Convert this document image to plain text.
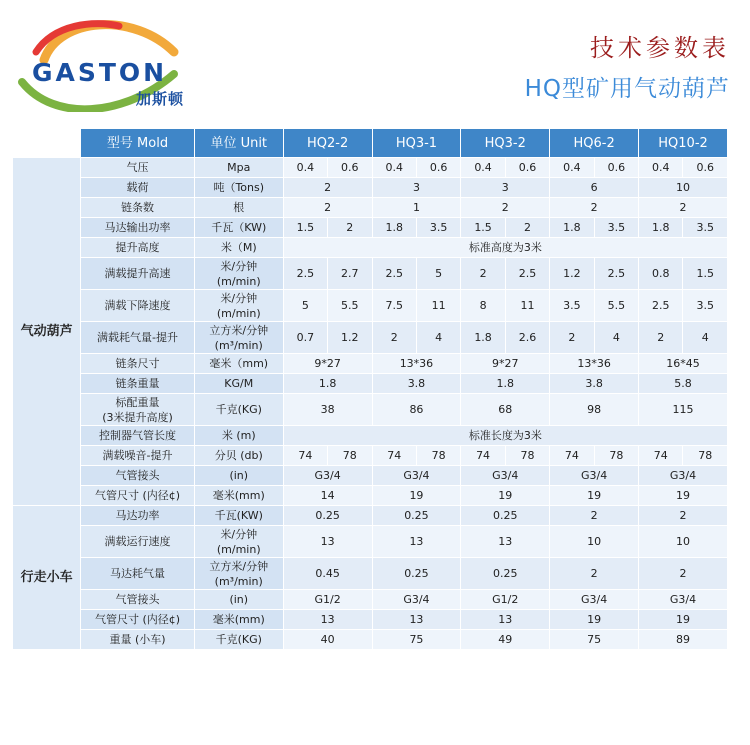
GASTON
加斯顿
技术参数表
HQ型矿用气动葫芦
	型号 Mold	单位 Unit	HQ2-2		HQ3-1		HQ3-2		HQ6-2		HQ10-2	
气动葫芦	气压	Mpa	0.4	0.6	0.4	0.6	0.4	0.6	0.4	0.6	0.4	0.6

	载荷	吨（Tons)	2		3		3		6		10	

	链条数	根	2		1		2		2		2	

	马达输出功率	千瓦（KW)	1.5	2	1.8	3.5	1.5	2	1.8	3.5	1.8	3.5

	提升高度	米（M)	标准高度为3米									

	满载提升高速	米/分钟
(m/min)	2.5	2.7	2.5	5	2	2.5	1.2	2.5	0.8	1.5

	满载下降速度	米/分钟
(m/min)	5	5.5	7.5	11	8	11	3.5	5.5	2.5	3.5

	满载耗气量-提升	立方米/分钟
(m³/min)	0.7	1.2	2	4	1.8	2.6	2	4	2	4

	链条尺寸	毫米（mm)	9*27		13*36		9*27		13*36		16*45	

	链条重量	KG/M	1.8		3.8		1.8		3.8		5.8	

	标配重量
(3米提升高度)	千克(KG)	38		86		68		98		115	

	控制器气管长度	米 (m)	标准长度为3米									

	满载噪音-提升	分贝 (db)	74	78	74	78	74	78	74	78	74	78

	气管接头	(in)	G3/4		G3/4		G3/4		G3/4		G3/4	

	气管尺寸 (内径¢)	毫米(mm)	14		19		19		19		19	
行走小车	马达功率	千瓦(KW)	0.25		0.25		0.25		2		2	

	满载运行速度	米/分钟
(m/min)	13		13		13		10		10	

	马达耗气量	立方米/分钟
(m³/min)	0.45		0.25		0.25		2		2	

	气管接头	(in)	G1/2		G3/4		G1/2		G3/4		G3/4	

	气管尺寸 (内径¢)	毫米(mm)	13		13		13		19		19	

	重量 (小车)	千克(KG)	40		75		49		75		89	
